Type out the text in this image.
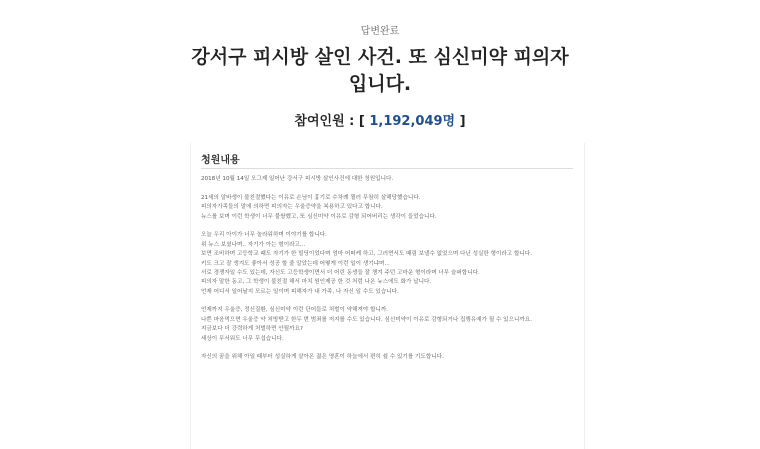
답변완료
강서구 피시방 살인 사건. 또 심신미약 피의자입니다.
참여인원 : [ 1,192,049명 ]
청원내용
2018년 10월 14일 오그제 일어난 강서구 피시방 살인사건에 대한 청원입니다.
21세의 알바생이 불친절했다는 이유로 손님이 흉기로 수차례 찔러 무참히 살해당했습니다.
피의자가족들의 말에 의하면 피의자는 우울증약을 복용하고 있다고 합니다.
뉴스를 보며 이런 학생이 너무 불쌍했고, 또 심신미약 이유로 감형 되어버리는 생각이 들었습니다.
오늘 우리 아이가 너무 놀라워하며 이야기를 합니다.
위 뉴스 보셨나며.. 자기가 아는 형이라고...
보면 조비하며 고등학교 때도 자기가 한 빌딩이었다며 엄마 어떠케 하고, 그러면서도 때림 보낼수 없었으며 다닌 성실한 형이라고 합니다.
키도 크고 잘 생겨도 좋아서 성공 할 줄 알았는데 어떻게 이런 일이 생기냐며...
서로 경쟁자일 수도 있는데, 자신도 고등학생이면서 더 어린 동생들 잘 챙겨 주던 고마운 형이라며 너무 슬퍼합니다.
피의자 말한 동고, 그 학생이 불친절 해서 마치 원인제공 한 것 처럼 나온 뉴스에도 화가 납니다.
언제 어디서 일어날지 모르는 일이며 피해자가 내 가족, 나 자신 일 수도 있습니다.
언제까지 우울증, 정신질환, 심신미약 이런 단어들로 처벌이 약해져야 합니까.
나쁜 마음먹으면 우울증 약 처방받고 한두 번 범죄를 저지를 수도 있습니다. 심신미약이 이유로 감형되거나 집행유예가 될 수 있으니까요.
지금보다 더 강력하게 처벌하면 안될까요?
세상이 무서워도 너무 무섭습니다.
자신의 꿈을 위해 아일 때부터 성실하게 살아온 젊은 영혼이 하늘에서 편히 쉴 수 있기를 기도합니다.
